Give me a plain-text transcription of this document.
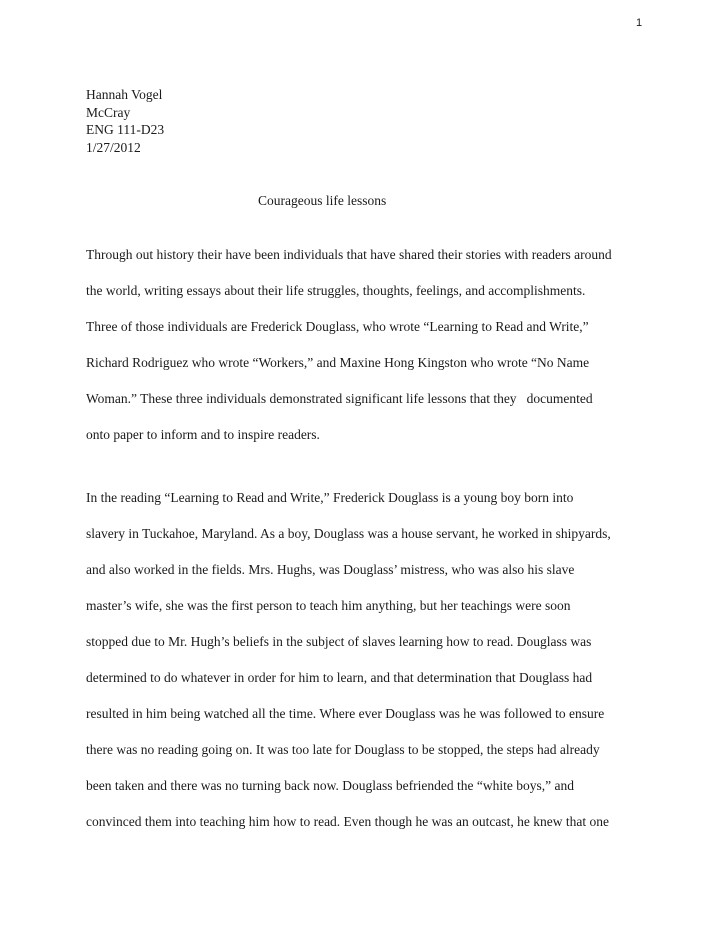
1
Hannah Vogel
McCray
ENG 111-D23
1/27/2012
Courageous life lessons
Through out history their have been individuals that have shared their stories with readers around
the world, writing essays about their life struggles, thoughts, feelings, and accomplishments.
Three of those individuals are Frederick Douglass, who wrote “Learning to Read and Write,”
Richard Rodriguez who wrote “Workers,” and Maxine Hong Kingston who wrote “No Name
Woman.” These three individuals demonstrated significant life lessons that they   documented
onto paper to inform and to inspire readers.
In the reading “Learning to Read and Write,” Frederick Douglass is a young boy born into
slavery in Tuckahoe, Maryland. As a boy, Douglass was a house servant, he worked in shipyards,
and also worked in the fields. Mrs. Hughs, was Douglass’ mistress, who was also his slave
master’s wife, she was the first person to teach him anything, but her teachings were soon
stopped due to Mr. Hugh’s beliefs in the subject of slaves learning how to read. Douglass was
determined to do whatever in order for him to learn, and that determination that Douglass had
resulted in him being watched all the time. Where ever Douglass was he was followed to ensure
there was no reading going on. It was too late for Douglass to be stopped, the steps had already
been taken and there was no turning back now. Douglass befriended the “white boys,” and
convinced them into teaching him how to read. Even though he was an outcast, he knew that one
